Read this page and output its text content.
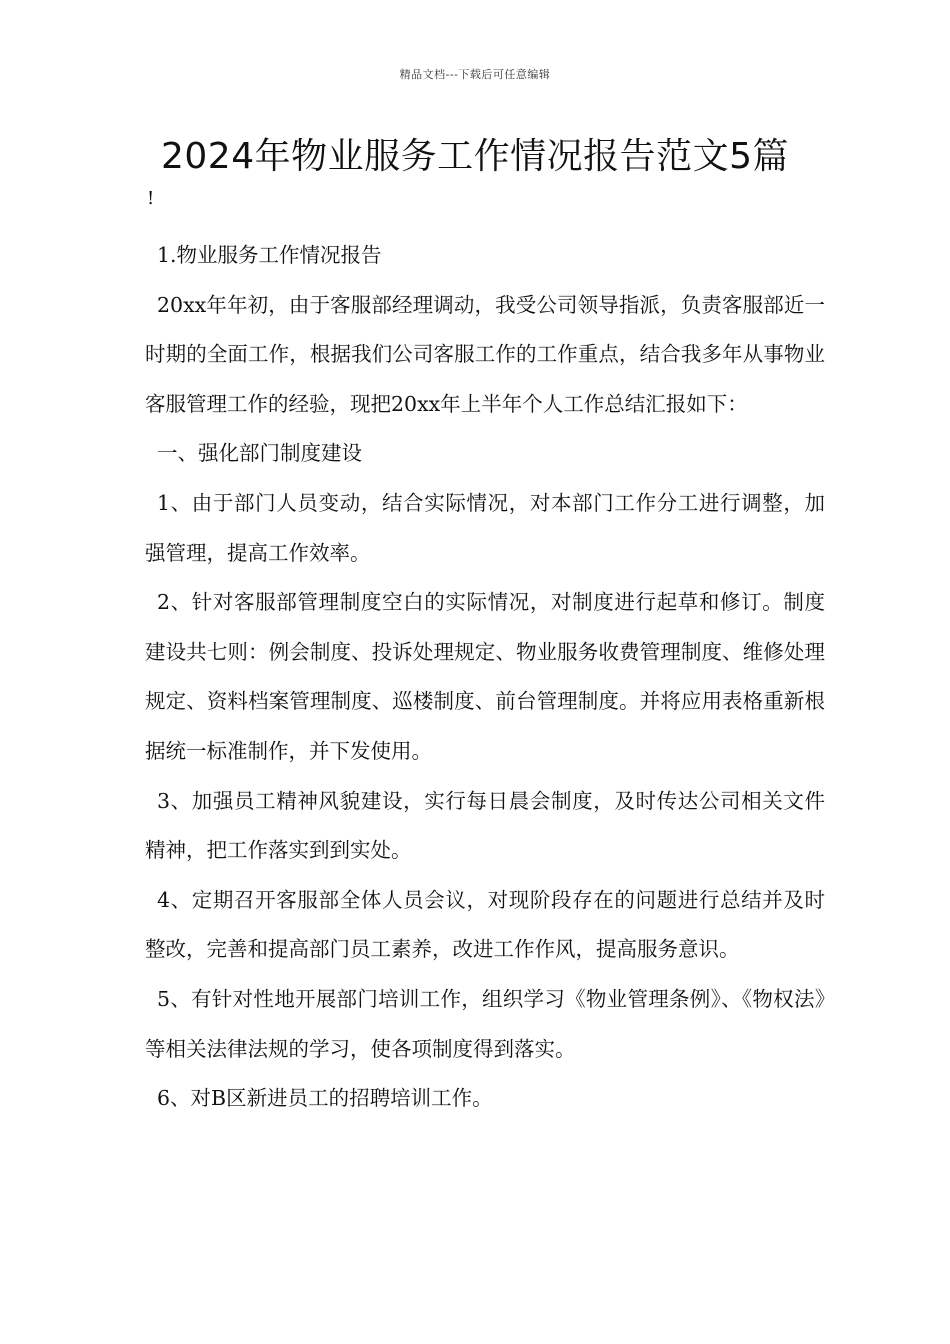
精品文档---下载后可任意编辑
2024年物业服务工作情况报告范文5篇
!

1.物业服务工作情况报告

20xx年年初，由于客服部经理调动，我受公司领导指派，负责客服部近一时期的全面工作，根据我们公司客服工作的工作重点，结合我多年从事物业客服管理工作的经验，现把20xx年上半年个人工作总结汇报如下：

一、强化部门制度建设

1、由于部门人员变动，结合实际情况，对本部门工作分工进行调整，加强管理，提高工作效率。

2、针对客服部管理制度空白的实际情况，对制度进行起草和修订。制度建设共七则：例会制度、投诉处理规定、物业服务收费管理制度、维修处理规定、资料档案管理制度、巡楼制度、前台管理制度。并将应用表格重新根据统一标准制作，并下发使用。

3、加强员工精神风貌建设，实行每日晨会制度，及时传达公司相关文件精神，把工作落实到到实处。

4、定期召开客服部全体人员会议，对现阶段存在的问题进行总结并及时整改，完善和提高部门员工素养，改进工作作风，提高服务意识。

5、有针对性地开展部门培训工作，组织学习《物业管理条例》、《物权法》等相关法律法规的学习，使各项制度得到落实。

6、对B区新进员工的招聘培训工作。
